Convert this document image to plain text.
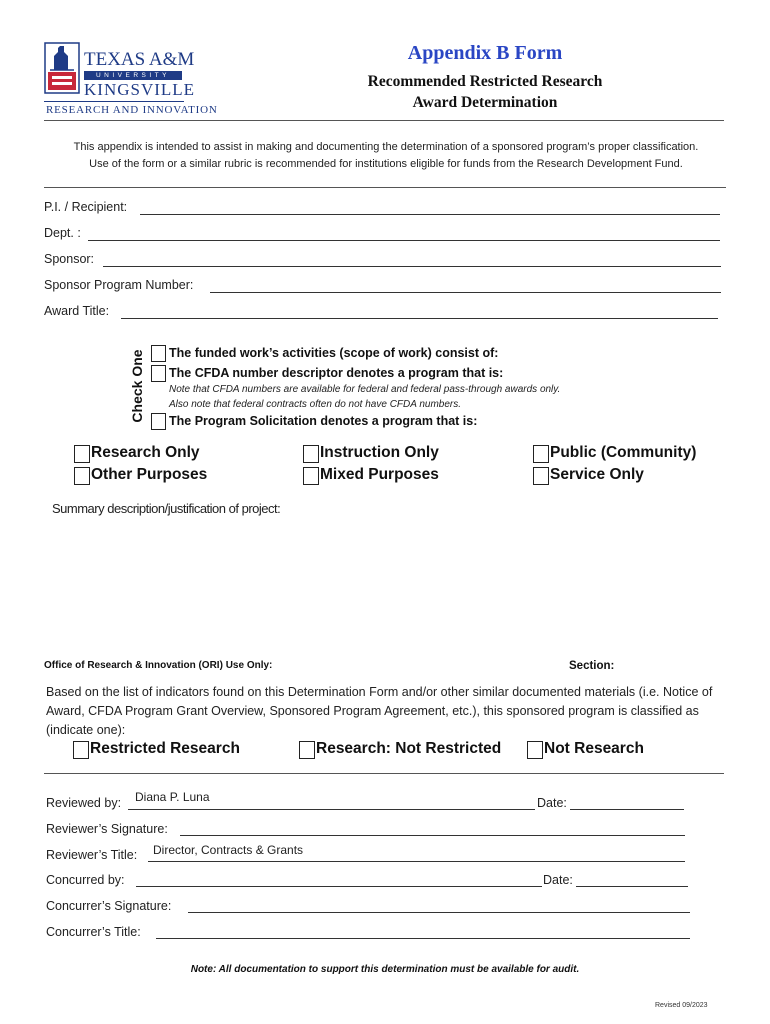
TEXAS A&M
UNIVERSITY
KINGSVILLE
RESEARCH AND INNOVATION
Appendix B Form
Recommended Restricted Research
Award Determination
This appendix is intended to assist in making and documenting the determination of a sponsored program’s proper classification.
Use of the form or a similar rubric is recommended for institutions eligible for funds from the Research Development Fund.
P.I. / Recipient:
Dept. :
Sponsor:
Sponsor Program Number:
Award Title:
Check One The funded work’s activities (scope of work) consist of:
The CFDA number descriptor denotes a program that is:
Note that CFDA numbers are available for federal and federal pass-through awards only.
Also note that federal contracts often do not have CFDA numbers.
The Program Solicitation denotes a program that is:
Research Only
Other Purposes
Instruction Only
Mixed Purposes
Public (Community)
Service Only
Summary description/justification of project:
Office of Research & Innovation (ORI) Use Only:	Section:
Based on the list of indicators found on this Determination Form and/or other similar documented materials (i.e. Notice of Award, CFDA Program Grant Overview, Sponsored Program Agreement, etc.), this sponsored program is classified as (indicate one):
Restricted Research	Research: Not Restricted	Not Research
Reviewed by: Diana P. Luna	Date:
Reviewer’s Signature:
Reviewer’s Title: Director, Contracts & Grants
Concurred by:	Date:
Concurrer’s Signature:
Concurrer’s Title:
Note: All documentation to support this determination must be available for audit.
Revised 09/2023
